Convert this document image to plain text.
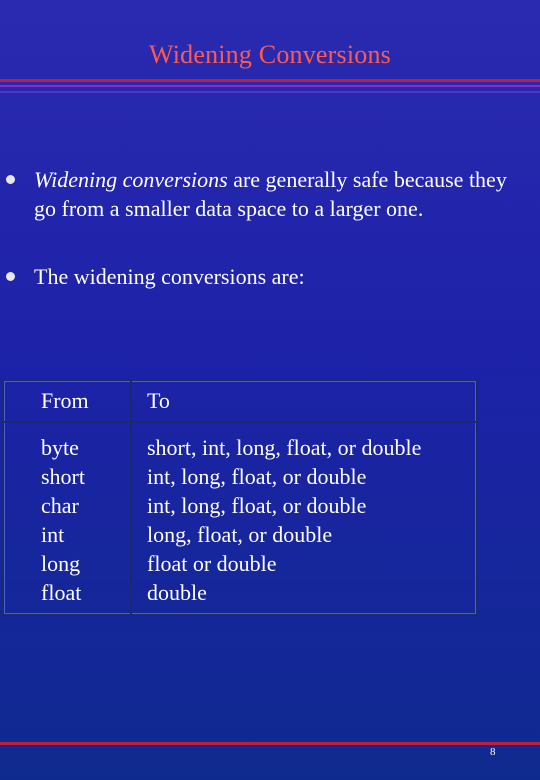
Widening Conversions
Widening conversions are generally safe because they go from a smaller data space to a larger one.
The widening conversions are:
From	To
byte
short
char
int
long
float
short, int, long, float, or double
int, long, float, or double
int, long, float, or double
long, float, or double
float or double
double
8
